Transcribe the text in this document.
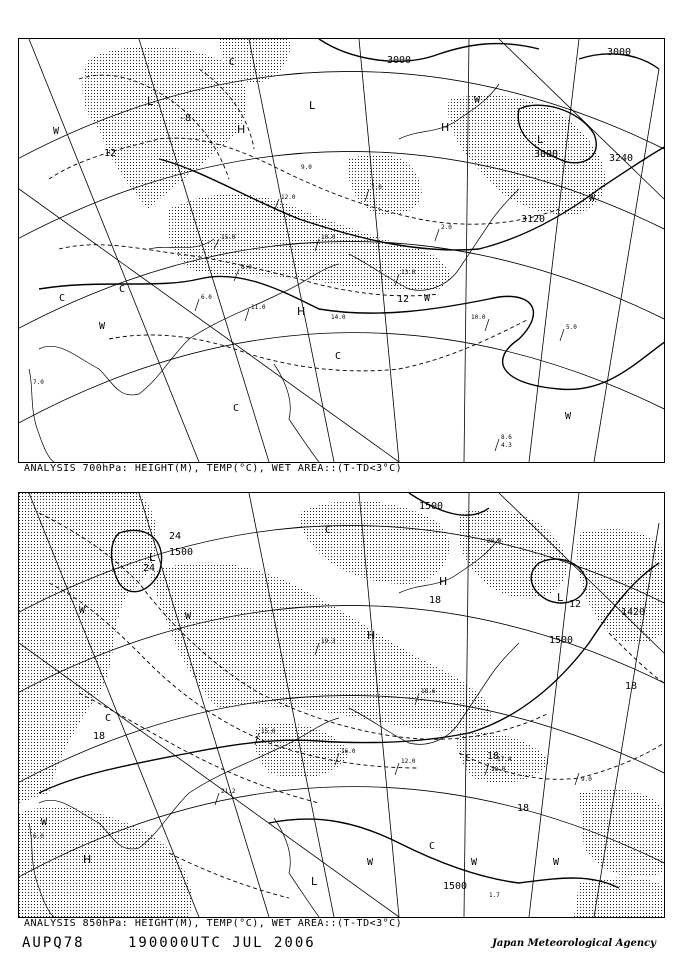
15.0
8.0
12.0
10.0
7.0
13.0
2.0
6.0
11.0
14.0	10.0
5.0
9.0
8.6
4.3
7.0
3000
3000
3000
3120
3240
12
12
-8
H	H
H
L	L
L
W
W
W
W
W
W
C
C
C
C
C
ANALYSIS 700hPa: HEIGHT(M), TEMP(°C), WET AREA::(T-TD<3°C)
21.2
18.0
17.4
20.0
16.0
15.0
9.0
12.0
19.3
18.6
6.0
1.7
1500
1500
1500
1500
1420
24
24
18
18
18
18
18
12
H
H
H
L
L
L
W
W
W
W	W	W
C
C
C
C
ANALYSIS 850hPa: HEIGHT(M), TEMP(°C), WET AREA::(T-TD<3°C)
AUPQ78	190000UTC JUL 2006	Japan Meteorological Agency
